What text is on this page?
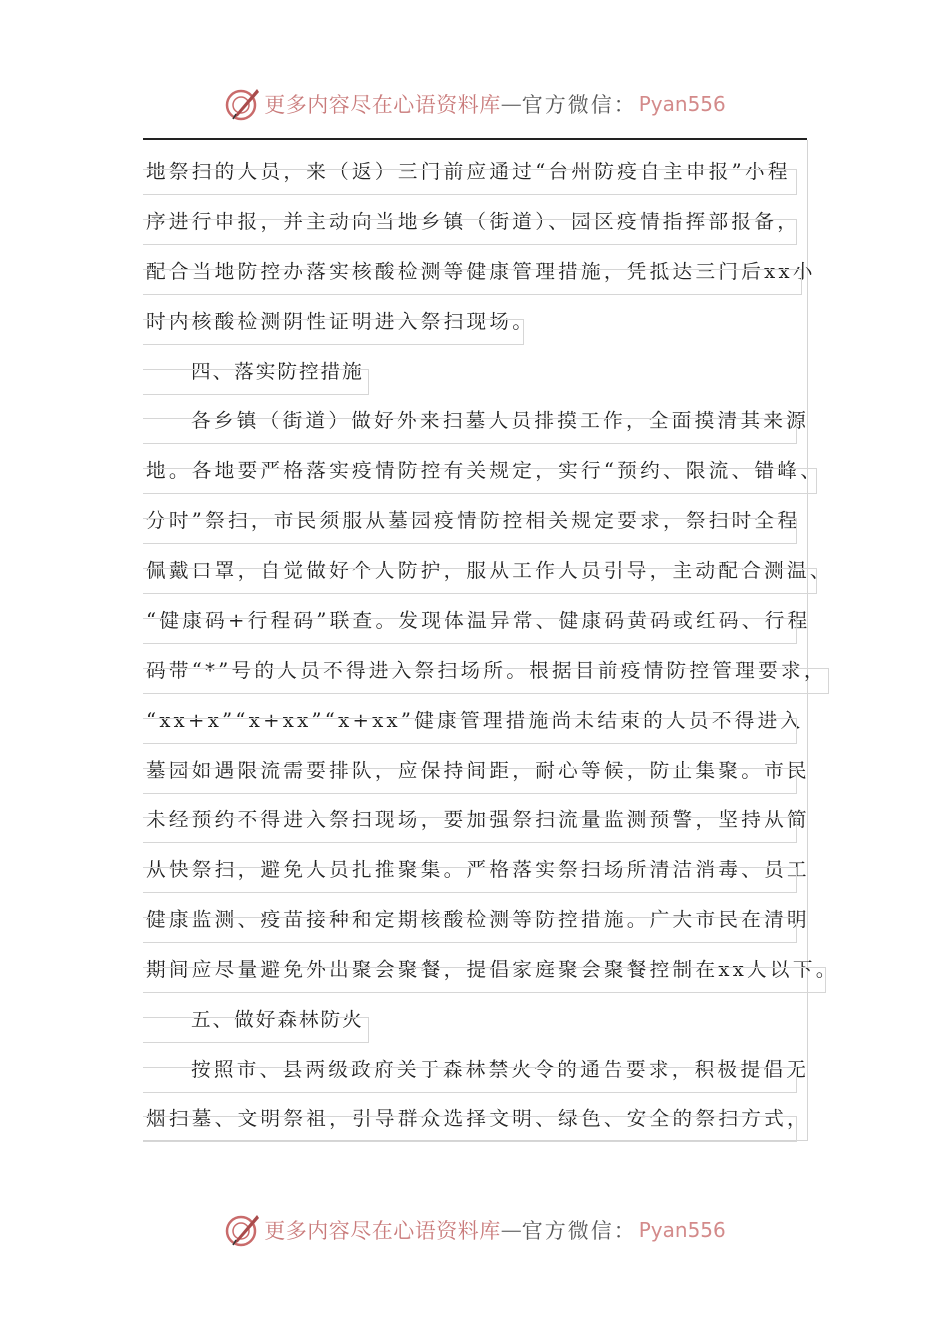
更多内容尽在心语资料库 — 官方微信： Pyan556
地祭扫的人员，来（返）三门前应通过“台州防疫自主申报”小程
序进行申报，并主动向当地乡镇（街道）、园区疫情指挥部报备，
配合当地防控办落实核酸检测等健康管理措施，凭抵达三门后xx小
时内核酸检测阴性证明进入祭扫现场。
四、落实防控措施
各乡镇（街道）做好外来扫墓人员排摸工作，全面摸清其来源
地。各地要严格落实疫情防控有关规定，实行“预约、限流、错峰、
分时”祭扫，市民须服从墓园疫情防控相关规定要求，祭扫时全程
佩戴口罩，自觉做好个人防护，服从工作人员引导，主动配合测温、
“健康码+行程码”联查。发现体温异常、健康码黄码或红码、行程
码带“*”号的人员不得进入祭扫场所。根据目前疫情防控管理要求，
“xx+x”“x+xx”“x+xx”健康管理措施尚未结束的人员不得进入
墓园如遇限流需要排队，应保持间距，耐心等候，防止集聚。市民
未经预约不得进入祭扫现场，要加强祭扫流量监测预警，坚持从简
从快祭扫，避免人员扎推聚集。严格落实祭扫场所清洁消毒、员工
健康监测、疫苗接种和定期核酸检测等防控措施。广大市民在清明
期间应尽量避免外出聚会聚餐，提倡家庭聚会聚餐控制在xx人以下。
五、做好森林防火
按照市、县两级政府关于森林禁火令的通告要求，积极提倡无
烟扫墓、文明祭祖，引导群众选择文明、绿色、安全的祭扫方式，
更多内容尽在心语资料库 — 官方微信： Pyan556
